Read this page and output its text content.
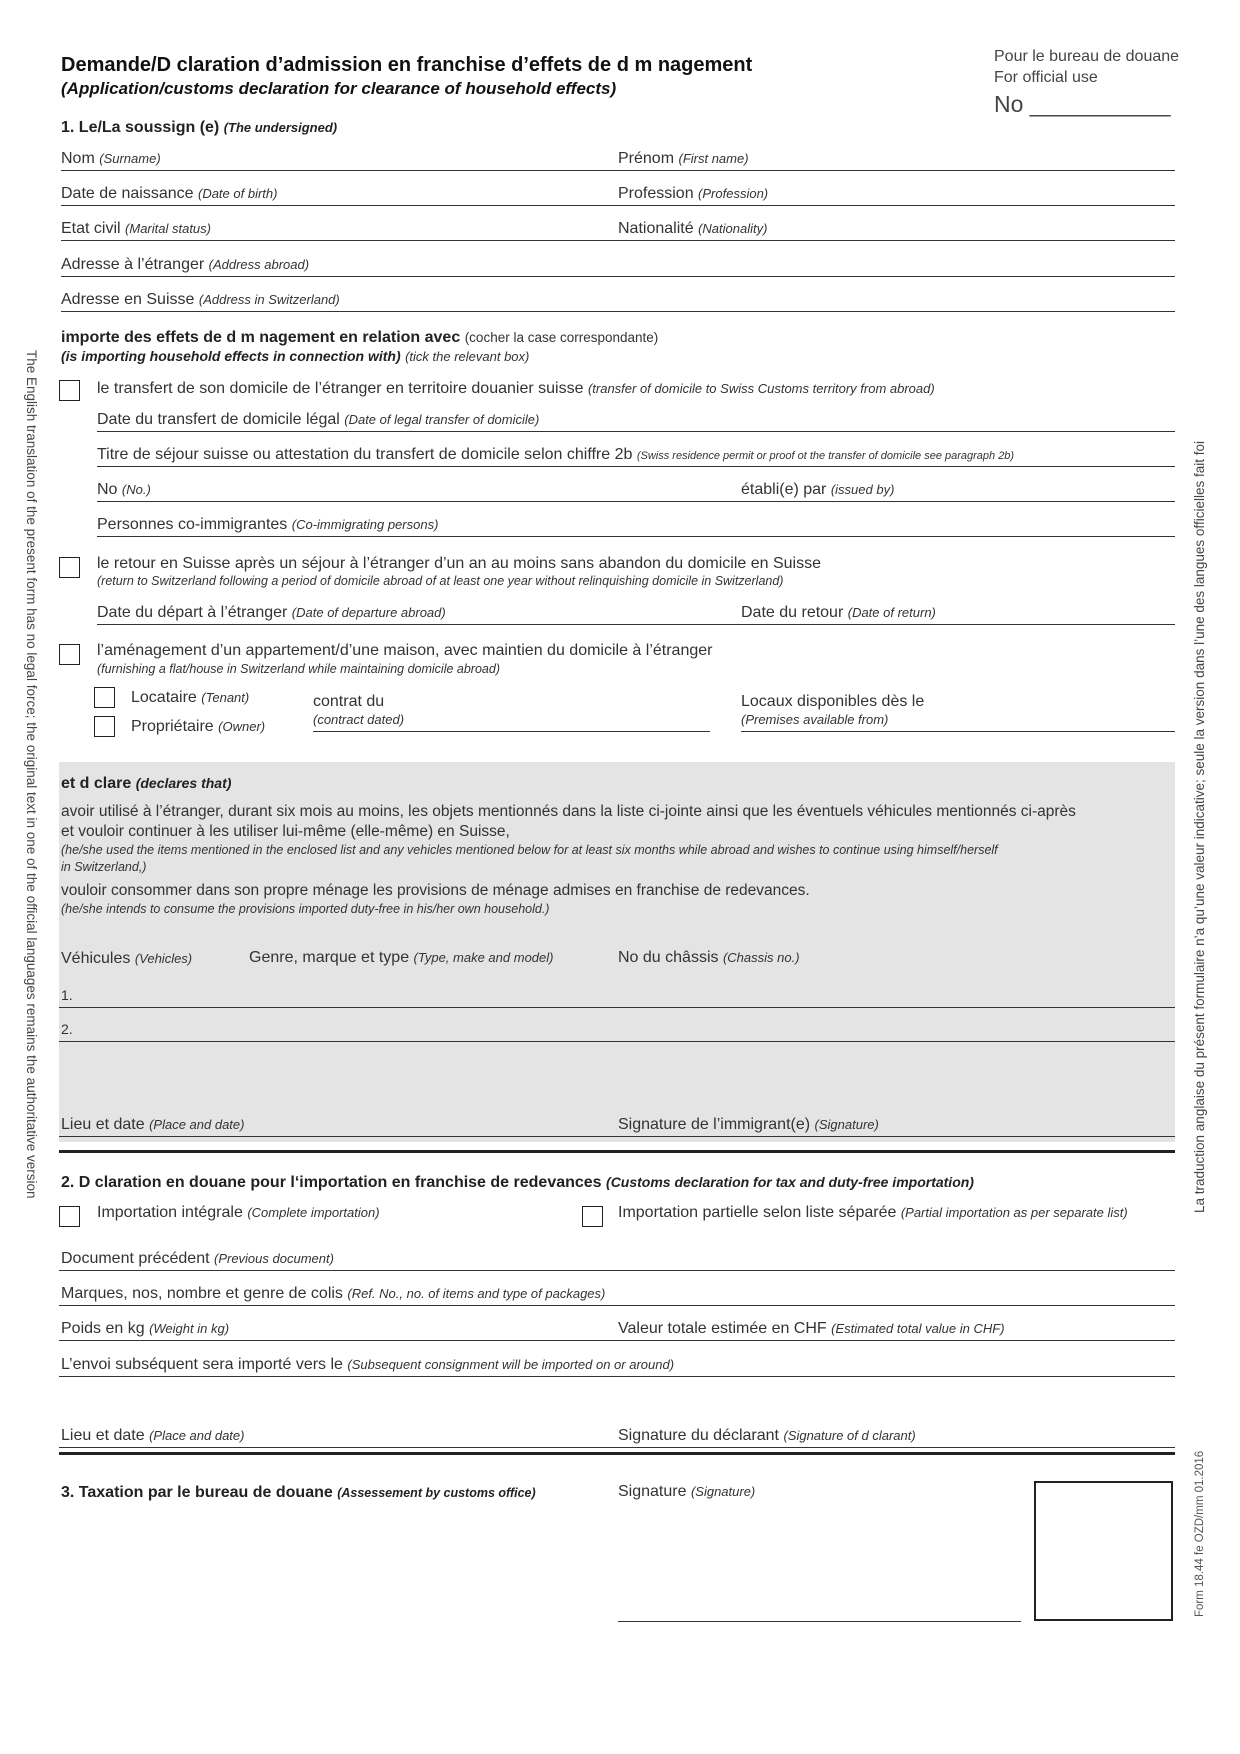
Demande/D claration d’admission en franchise d’effets de d m nagement
(Application/customs declaration for clearance of household effects)
Pour le bureau de douane
For official use
No ___________
1. Le/La soussign (e) (The undersigned)
Nom (Surname)	Prénom (First name)
Date de naissance (Date of birth)	Profession (Profession)
Etat civil (Marital status)	Nationalité (Nationality)
Adresse à l’étranger (Address abroad)
Adresse en Suisse (Address in Switzerland)
importe des effets de d m nagement en relation avec (cocher la case correspondante)
(is importing household effects in connection with) (tick the relevant box)
le transfert de son domicile de l’étranger en territoire douanier suisse (transfer of domicile to Swiss Customs territory from abroad)
Date du transfert de domicile légal (Date of legal transfer of domicile)
Titre de séjour suisse ou attestation du transfert de domicile selon chiffre 2b (Swiss residence permit or proof ot the transfer of domicile see paragraph 2b)
No (No.)	établi(e) par (issued by)
Personnes co-immigrantes (Co-immigrating persons)
le retour en Suisse après un séjour à l’étranger d’un an au moins sans abandon du domicile en Suisse
(return to Switzerland following a period of domicile abroad of at least one year without relinquishing domicile in Switzerland)
Date du départ à l’étranger (Date of departure abroad)	Date du retour (Date of return)
l’aménagement d’un appartement/d’une maison, avec maintien du domicile à l’étranger
(furnishing a flat/house in Switzerland while maintaining domicile abroad)
Locataire (Tenant)
Propriétaire (Owner)
contrat du
(contract dated)
Locaux disponibles dès le
(Premises available from)
et d clare (declares that)
avoir utilisé à l’étranger, durant six mois au moins, les objets mentionnés dans la liste ci-jointe ainsi que les éventuels véhicules mentionnés ci-après
et vouloir continuer à les utiliser lui-même (elle-même) en Suisse,
(he/she used the items mentioned in the enclosed list and any vehicles mentioned below for at least six months while abroad and wishes to continue using himself/herself
in Switzerland,)
vouloir consommer dans son propre ménage les provisions de ménage admises en franchise de redevances.
(he/she intends to consume the provisions imported duty-free in his/her own household.)
Véhicules (Vehicles)	Genre, marque et type (Type, make and model)	No du châssis (Chassis no.)
1.
2.
Lieu et date (Place and date)	Signature de l’immigrant(e) (Signature)
2. D claration en douane pour l‘importation en franchise de redevances (Customs declaration for tax and duty-free importation)
Importation intégrale (Complete importation)	Importation partielle selon liste séparée (Partial importation as per separate list)
Document précédent (Previous document)
Marques, nos, nombre et genre de colis (Ref. No., no. of items and type of packages)
Poids en kg (Weight in kg)	Valeur totale estimée en CHF (Estimated total value in CHF)
L’envoi subséquent sera importé vers le (Subsequent consignment will be imported on or around)
Lieu et date (Place and date)	Signature du déclarant (Signature of d clarant)
3. Taxation par le bureau de douane (Assessement by customs office)	Signature (Signature)
The English translation of the present form has no legal force; the original text in one of the official languages remains the authoritative version	La traduction anglaise du présent formulaire n’a qu’une valeur indicative; seule la version dans l’une des langues officielles fait foi
Form 18.44 fe OZD/mm 01.2016
